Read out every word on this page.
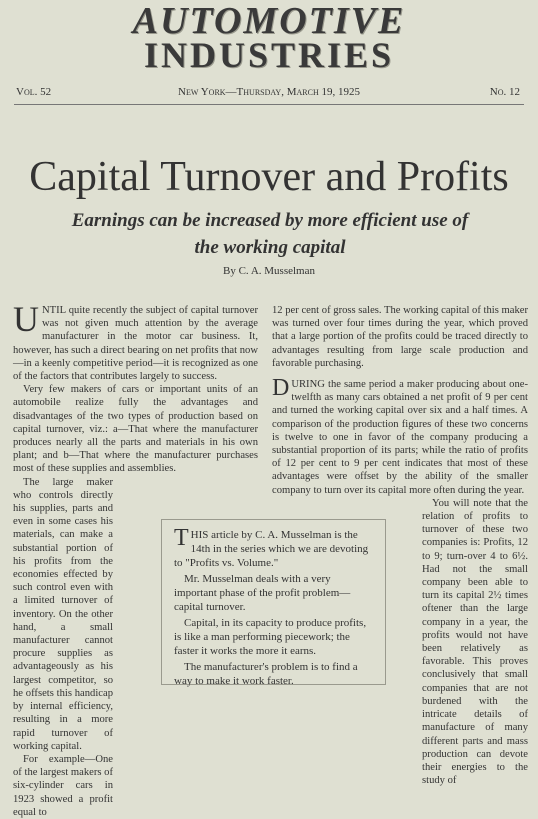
AUTOMOTIVE
INDUSTRIES
Vol. 52	New York—Thursday, March 19, 1925	No. 12
Capital Turnover and Profits
Earnings can be increased by more efficient use of the working capital
By C. A. Musselman

UNTIL quite recently the subject of capital turnover was not given much attention by the average manufacturer in the motor car business. It, however, has such a direct bearing on net profits that now—in a keenly competitive period—it is recognized as one of the factors that contributes largely to success.

Very few makers of cars or important units of an automobile realize fully the advantages and disadvantages of the two types of production based on capital turnover, viz.: a—That where the manufacturer produces nearly all the parts and materials in his own plant; and b—That where the manufacturer purchases most of these supplies and assemblies.

The large maker who controls directly his supplies, parts and even in some cases his materials, can make a substantial portion of his profits from the economies effected by such control even with a limited turnover of inventory. On the other hand, a small manufacturer cannot procure supplies as advantageously as his largest competitor, so he offsets this handicap by internal efficiency, resulting in a more rapid turnover of working capital.

For example—One of the largest makers of six-cylinder cars in 1923 showed a profit equal to

12 per cent of gross sales. The working capital of this maker was turned over four times during the year, which proved that a large portion of the profits could be traced directly to advantages resulting from large scale production and favorable purchasing.

DURING the same period a maker producing about one-twelfth as many cars obtained a net profit of 9 per cent and turned the working capital over six and a half times. A comparison of the production figures of these two concerns is twelve to one in favor of the company producing a substantial proportion of its parts; while the ratio of profits of 12 per cent to 9 per cent indicates that most of these advantages were offset by the ability of the smaller company to turn over its capital more often during the year.

You will note that the relation of profits to turnover of these two companies is: Profits, 12 to 9; turn-over 4 to 6½. Had not the small company been able to turn its capital 2½ times oftener than the large company in a year, the profits would not have been relatively as favorable. This proves conclusively that small companies that are not burdened with the intricate details of manufacture of many different parts and mass production can devote their energies to the study of

THIS article by C. A. Musselman is the 14th in the series which we are devoting to "Profits vs. Volume."

Mr. Musselman deals with a very important phase of the profit problem—capital turnover.

Capital, in its capacity to produce profits, is like a man performing piecework; the faster it works the more it earns.

The manufacturer's problem is to find a way to make it work faster.
